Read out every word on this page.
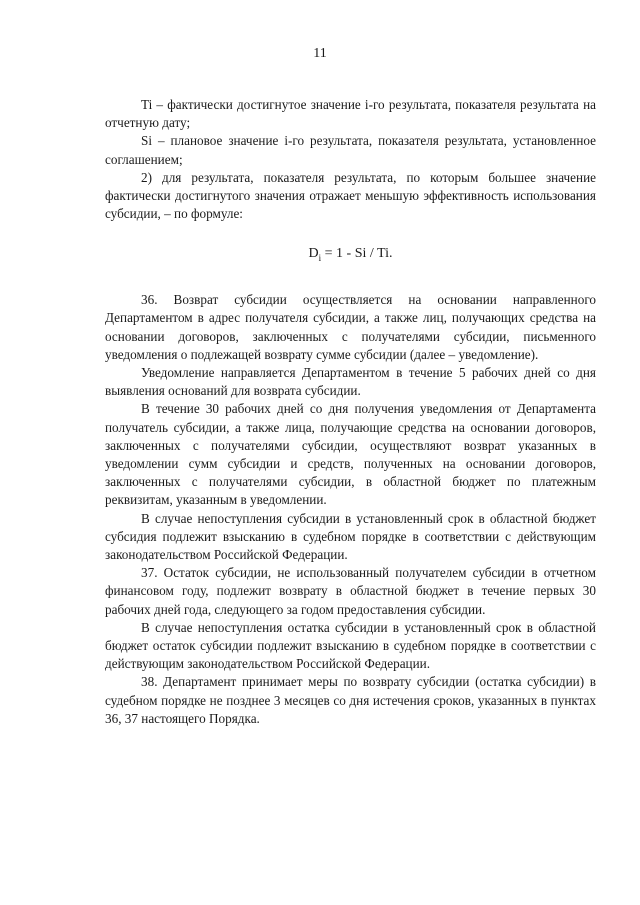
11

Ti – фактически достигнутое значение i-го результата, показателя результата на отчетную дату;

Si – плановое значение i-го результата, показателя результата, установленное соглашением;

2) для результата, показателя результата, по которым большее значение фактически достигнутого значения отражает меньшую эффективность использования субсидии, – по формуле:

$D_i = 1 - Si / Ti$.

36. Возврат субсидии осуществляется на основании направленного Департаментом в адрес получателя субсидии, а также лиц, получающих средства на основании договоров, заключенных с получателями субсидии, письменного уведомления о подлежащей возврату сумме субсидии (далее – уведомление).

Уведомление направляется Департаментом в течение 5 рабочих дней со дня выявления оснований для возврата субсидии.

В течение 30 рабочих дней со дня получения уведомления от Департамента получатель субсидии, а также лица, получающие средства на основании договоров, заключенных с получателями субсидии, осуществляют возврат указанных в уведомлении сумм субсидии и средств, полученных на основании договоров, заключенных с получателями субсидии, в областной бюджет по платежным реквизитам, указанным в уведомлении.

В случае непоступления субсидии в установленный срок в областной бюджет субсидия подлежит взысканию в судебном порядке в соответствии с действующим законодательством Российской Федерации.

37. Остаток субсидии, не использованный получателем субсидии в отчетном финансовом году, подлежит возврату в областной бюджет в течение первых 30 рабочих дней года, следующего за годом предоставления субсидии.

В случае непоступления остатка субсидии в установленный срок в областной бюджет остаток субсидии подлежит взысканию в судебном порядке в соответствии с действующим законодательством Российской Федерации.

38. Департамент принимает меры по возврату субсидии (остатка субсидии) в судебном порядке не позднее 3 месяцев со дня истечения сроков, указанных в пунктах 36, 37 настоящего Порядка.
